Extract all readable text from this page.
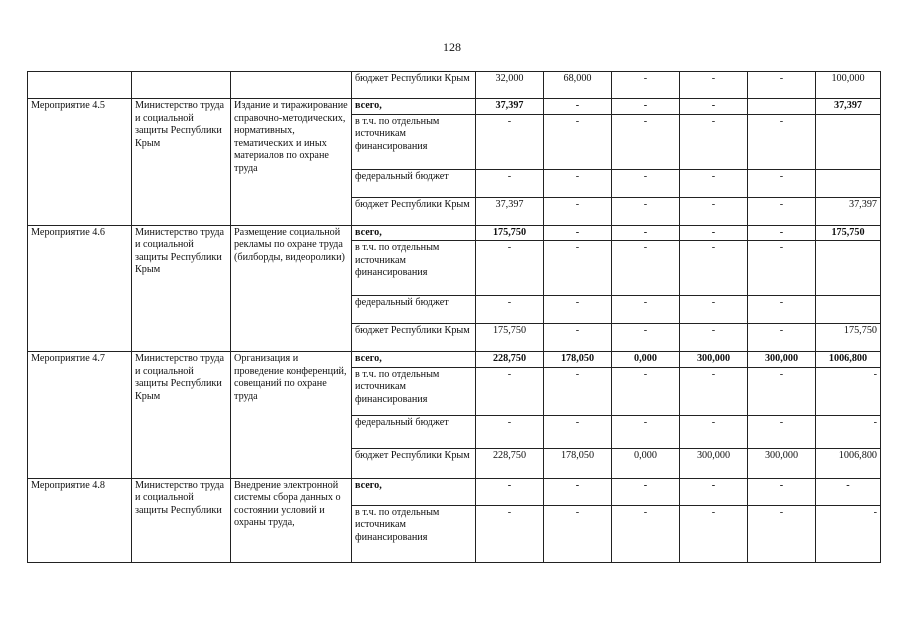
128
			бюджет Республики Крым	32,000	68,000	-	-	-	100,000
Мероприятие 4.5	Министерство труда и социальной защиты Республики Крым	Издание и тиражирование справочно-методических, нормативных, тематических и иных материалов по охране труда	всего,	37,397	-	-	-		37,397
			в т.ч. по отдельным источникам финансирования	-	-	-	-	-	
			федеральный бюджет	-	-	-	-	-	
			бюджет Республики Крым	37,397	-	-	-	-	37,397
Мероприятие 4.6	Министерство труда и социальной защиты Республики Крым	Размещение социальной рекламы по охране труда (билборды, видеоролики)	всего,	175,750	-	-	-	-	175,750
			в т.ч. по отдельным источникам финансирования	-	-	-	-	-	
			федеральный бюджет	-	-	-	-	-	
			бюджет Республики Крым	175,750	-	-	-	-	175,750
Мероприятие 4.7	Министерство труда и социальной защиты Республики Крым	Организация и проведение конференций, совещаний по охране труда	всего,	228,750	178,050	0,000	300,000	300,000	1006,800
			в т.ч. по отдельным источникам финансирования	-	-	-	-	-	-
			федеральный бюджет	-	-	-	-	-	-
			бюджет Республики Крым	228,750	178,050	0,000	300,000	300,000	1006,800
Мероприятие 4.8	Министерство труда и социальной защиты Республики	Внедрение электронной системы сбора данных о состоянии условий и охраны труда,	всего,	-	-	-	-	-	-
			в т.ч. по отдельным источникам финансирования	-	-	-	-	-	-
